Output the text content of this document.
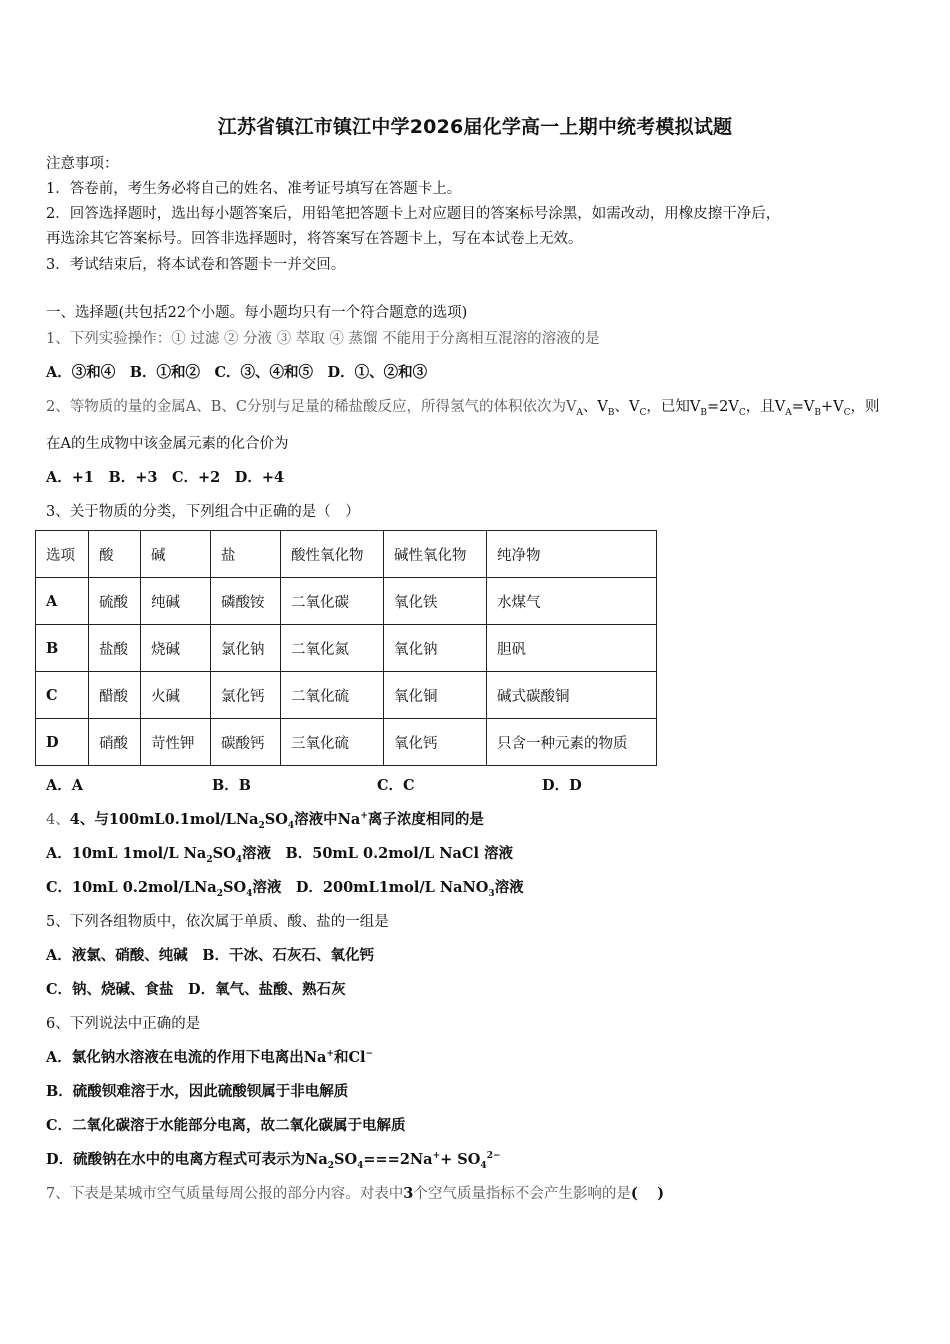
江苏省镇江市镇江中学2026届化学高一上期中统考模拟试题
注意事项：
1．答卷前，考生务必将自己的姓名、准考证号填写在答题卡上。
2．回答选择题时，选出每小题答案后，用铅笔把答题卡上对应题目的答案标号涂黑，如需改动，用橡皮擦干净后，
再选涂其它答案标号。回答非选择题时，将答案写在答题卡上，写在本试卷上无效。
3．考试结束后，将本试卷和答题卡一并交回。
一、选择题(共包括22个小题。每小题均只有一个符合题意的选项)
1、下列实验操作：① 过滤 ② 分液 ③ 萃取 ④ 蒸馏 不能用于分离相互混溶的溶液的是
A．③和④　B．①和②　C．③、④和⑤　D．①、②和③
2、等物质的量的金属A、B、C分别与足量的稀盐酸反应，所得氢气的体积依次为$V_A$、$V_B$、$V_C$，已知$V_B=2V_C$，且$V_A=V_B+V_C$，则
在A的生成物中该金属元素的化合价为
A．+1　B．+3　C．+2　D．+4
3、关于物质的分类，下列组合中正确的是（　）
选项	酸	碱	盐	酸性氧化物	碱性氧化物	纯净物
A	硫酸	纯碱	磷酸铵	二氧化碳	氧化铁	水煤气
B	盐酸	烧碱	氯化钠	二氧化氮	氧化钠	胆矾
C	醋酸	火碱	氯化钙	二氧化硫	氧化铜	碱式碳酸铜
D	硝酸	苛性钾	碳酸钙	三氧化硫	氧化钙	只含一种元素的物质
A．A	B．B	C．C	D．D
4、4、与$100mL0.1mol/LNa_2SO_4$溶液中Na+离子浓度相同的是
A．10mL 1mol/L $Na_2SO_4$溶液　B．50mL 0.2mol/L NaCl 溶液
C．10mL $0.2mol/LNa_2SO_4$溶液　D．200mL1mol/L NaNO$_3$溶液
5、下列各组物质中，依次属于单质、酸、盐的一组是
A．液氯、硝酸、纯碱　B．干冰、石灰石、氧化钙
C．钠、烧碱、食盐　D．氧气、盐酸、熟石灰
6、下列说法中正确的是
A．氯化钠水溶液在电流的作用下电离出Na+和Cl−
B．硫酸钡难溶于水，因此硫酸钡属于非电解质
C．二氧化碳溶于水能部分电离，故二氧化碳属于电解质
D．硫酸钠在水中的电离方程式可表示为$Na_2SO_4===2Na^++ SO_4^{2-}$
7、下表是某城市空气质量每周公报的部分内容。对表中3个空气质量指标不会产生影响的是(　 )
